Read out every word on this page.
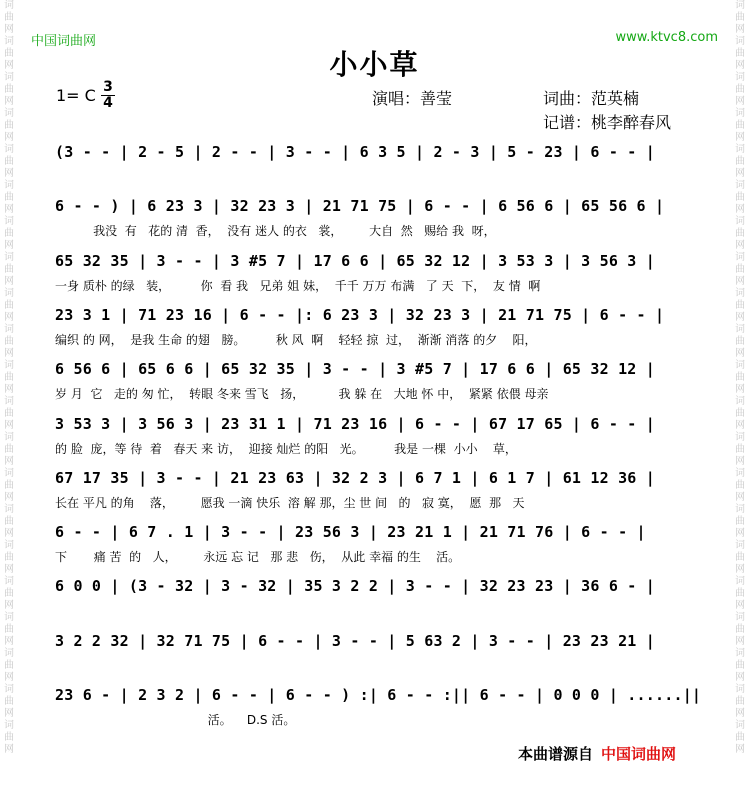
词
曲
网
词
曲
网
词
曲
网
词
曲
网
词
曲
网
词
曲
网
词
曲
网
词
曲
网
词
曲
网
词
曲
网
词
曲
网
词
曲
网
词
曲
网
词
曲
网
词
曲
网
词
曲
网
词
曲
网
词
曲
网
词
曲
网
词
曲
网
词
曲
网
词
曲
网
词
曲
网
词
曲
网
词
曲
网
词
曲
网
词
曲
网
词
曲
网
词
曲
网
词
曲
网
词
曲
网
词
曲
网
词
曲
网
词
曲
网
词
曲
网
词
曲
网
词
曲
网
词
曲
网
词
曲
网
词
曲
网
词
曲
网
词
曲
网
中国词曲网	www.ktvc8.com
小小草
1= C 3
4	演唱：善莹	词曲：范英楠
记谱：桃李醉春风
(3 - - | 2 - 5 | 2 - - | 3 - - | 6 3 5 | 2 - 3 | 5 - 23 | 6 - - |
6 - - ) | 6 23 3 | 32 23 3 | 21 71 75 | 6 - - | 6 56 6 | 65 56 6 |
我没  有   花的 清  香，  没有 迷人 的衣   裳，       大自  然   赐给 我  呀，
65 32 35 | 3 - - | 3 #5 7 | 17 6 6 | 65 32 12 | 3 53 3 | 3 56 3 |
一身 质朴 的绿   装，        你  看 我   兄弟 姐 妹，  千千 万万 布满   了 天  下，  友 情  啊
23 3 1 | 71 23 16 | 6 - - |: 6 23 3 | 32 23 3 | 21 71 75 | 6 - - |
编织 的 网，  是我 生命 的翅   膀。        秋 风  啊    轻轻 掠  过，  渐渐 消落 的夕    阳，
6 56 6 | 65 6 6 | 65 32 35 | 3 - - | 3 #5 7 | 17 6 6 | 65 32 12 |
岁 月  它   走的 匆 忙，  转眼 冬来 雪飞   扬，         我 躲 在   大地 怀 中，  紧紧 依偎 母亲
3 53 3 | 3 56 3 | 23 31 1 | 71 23 16 | 6 - - | 67 17 65 | 6 - - |
的 脸  庞，等 待  着   春天 来 访，  迎接 灿烂 的阳   光。        我是 一棵  小小    草，
67 17 35 | 3 - - | 21 23 63 | 32 2 3 | 6 7 1 | 6 1 7 | 61 12 36 |
长在 平凡 的角    落，       愿我 一滴 快乐  溶 解 那，尘 世 间   的   寂 寞，  愿  那   天
6 - - | 6 7 . 1 | 3 - - | 23 56 3 | 23 21 1 | 21 71 76 | 6 - - |
下       痛 苦  的   人，       永远 忘 记   那 悲   伤，  从此 幸福 的生    活。
6 0 0 | (3 - 32 | 3 - 32 | 35 3 2 2 | 3 - - | 32 23 23 | 36 6 - |
3 2 2 32 | 32 71 75 | 6 - - | 3 - - | 5 63 2 | 3 - - | 23 23 21 |
23 6 - | 2 3 2 | 6 - - | 6 - - ) :| 6 - - :|| 6 - - | 0 0 0 | ......||
活。    D.S 活。
本曲谱源自 中国词曲网
